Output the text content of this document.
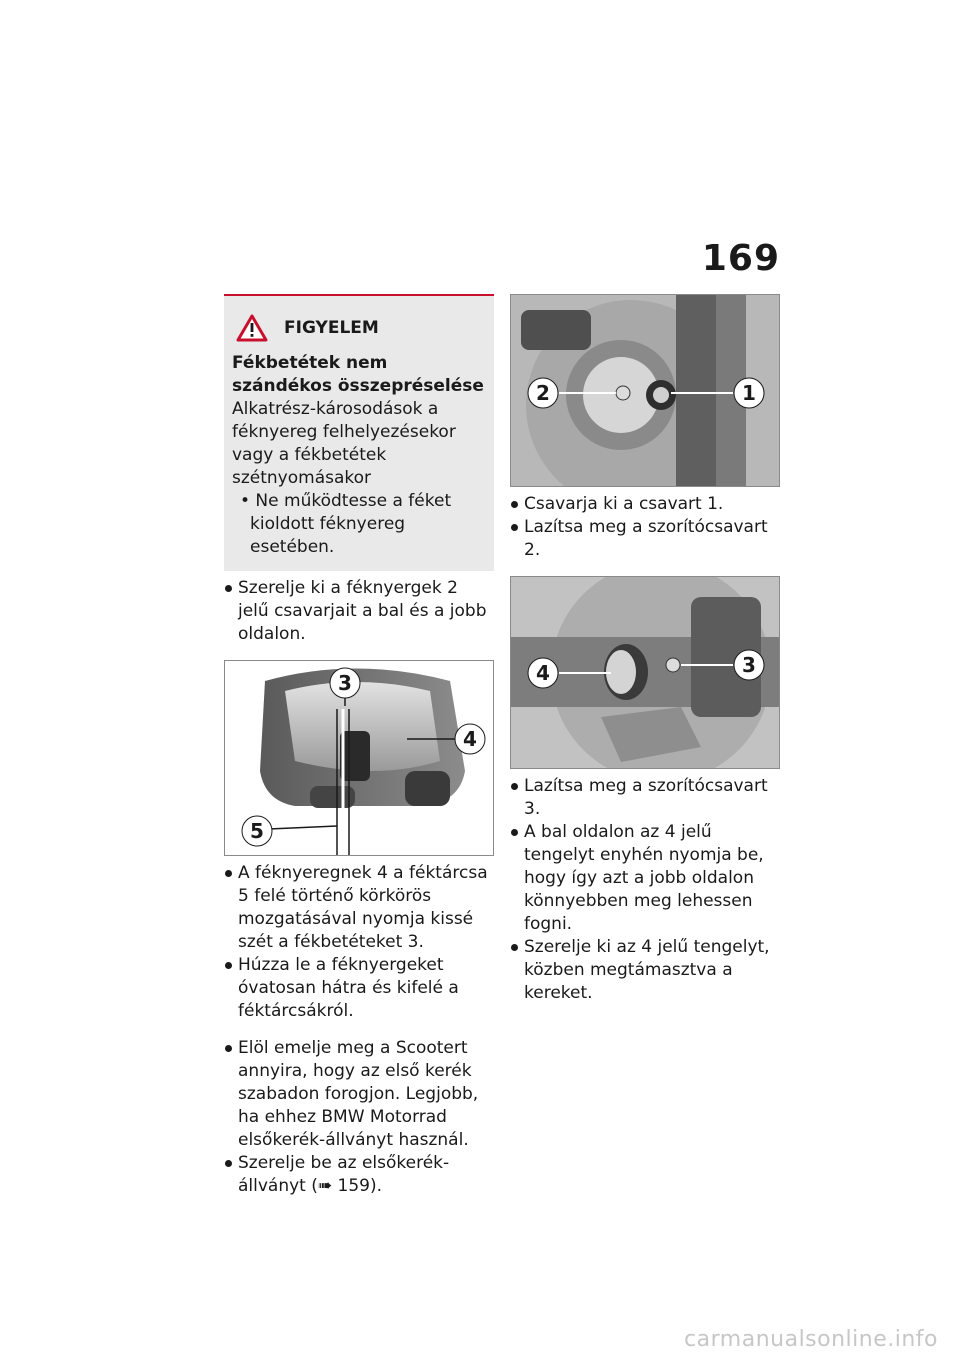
169
FIGYELEM
Fékbetétek nem szándékos összepréselése
Alkatrész-károsodások a féknyereg felhelyezésekor vagy a fékbetétek szétnyomásakor
• Ne működtesse a féket kioldott féknyereg esetében.
Szerelje ki a féknyergek 2 jelű csavarjait a bal és a jobb oldalon.
3
4
5
A féknyeregnek 4 a féktárcsa 5 felé történő körkörös mozgatásával nyomja kissé szét a fékbetéteket 3.
Húzza le a féknyergeket óvatosan hátra és kifelé a féktárcsákról.
Elöl emelje meg a Scootert annyira, hogy az első kerék szabadon forogjon. Legjobb, ha ehhez BMW Motorrad elsőkerék-állványt használ.
Szerelje be az elsőkerék-állványt (➠ 159).
2	1
Csavarja ki a csavart 1.
Lazítsa meg a szorítócsavart 2.
4	3
Lazítsa meg a szorítócsavart 3.
A bal oldalon az 4 jelű tengelyt enyhén nyomja be, hogy így azt a jobb oldalon könnyebben meg lehessen fogni.
Szerelje ki az 4 jelű tengelyt, közben megtámasztva a kereket.
carmanualsonline.info
